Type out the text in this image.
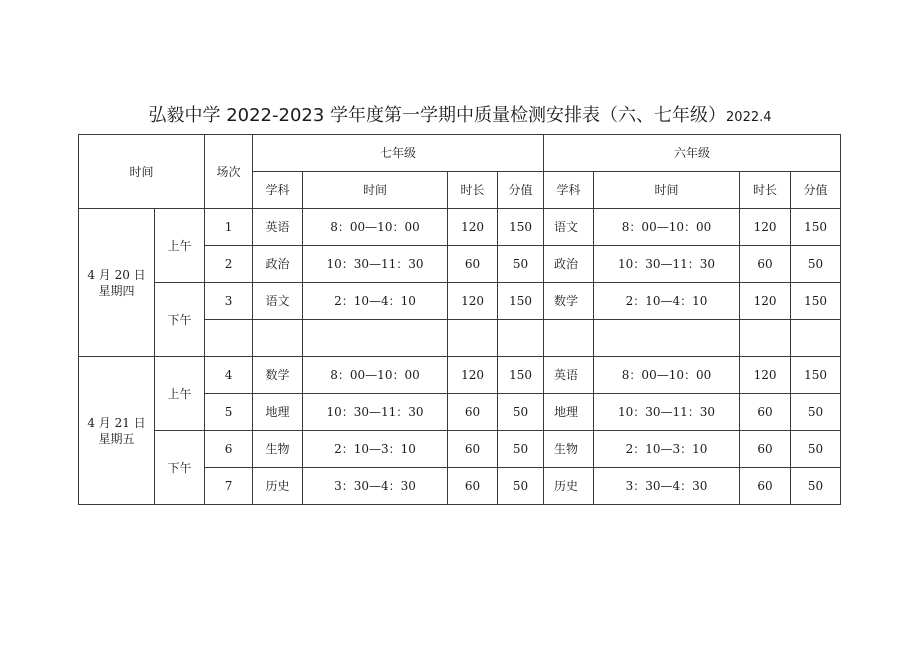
弘毅中学 2022-2023 学年度第一学期中质量检测安排表（六、七年级）2022.4
时间		场次	七年级				六年级			
			学科	时间	时长	分值	学科	时间	时长	分值
4 月 20 日星期四	上午	1	英语	8：00—10：00	120	150	语文	8：00—10：00	120	150
		2	政治	10：30—11：30	60	50	政治	10：30—11：30	60	50
	下午	3	语文	2：10—4：10	120	150	数学	2：10—4：10	120	150

4 月 21 日星期五	上午	4	数学	8：00—10：00	120	150	英语	8：00—10：00	120	150
		5	地理	10：30—11：30	60	50	地理	10：30—11：30	60	50
	下午	6	生物	2：10—3：10	60	50	生物	2：10—3：10	60	50
		7	历史	3：30—4：30	60	50	历史	3：30—4：30	60	50
